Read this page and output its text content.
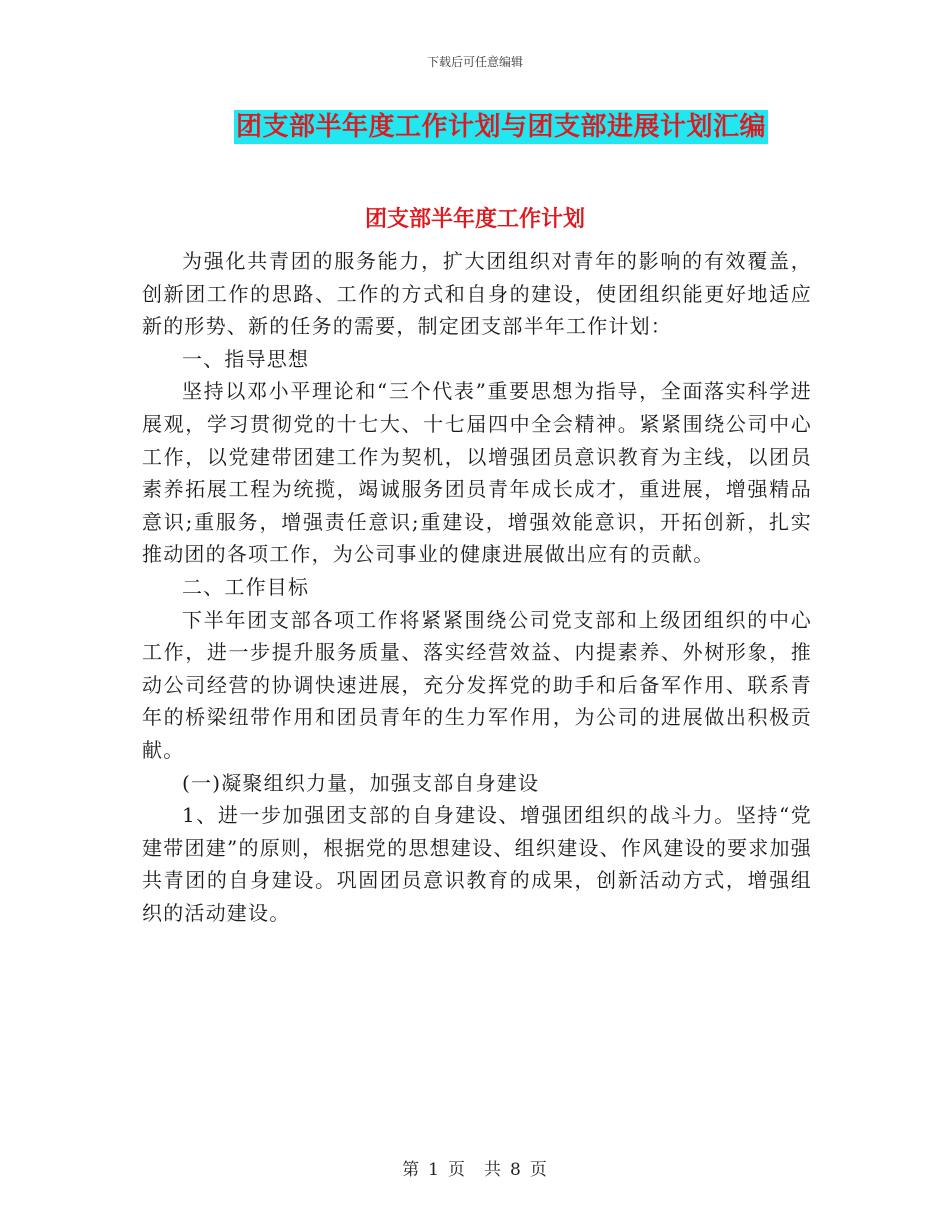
下载后可任意编辑
团支部半年度工作计划与团支部进展计划汇编
团支部半年度工作计划

为强化共青团的服务能力，扩大团组织对青年的影响的有效覆盖，创新团工作的思路、工作的方式和自身的建设，使团组织能更好地适应新的形势、新的任务的需要，制定团支部半年工作计划：

一、指导思想

坚持以邓小平理论和“三个代表”重要思想为指导，全面落实科学进展观，学习贯彻党的十七大、十七届四中全会精神。紧紧围绕公司中心工作，以党建带团建工作为契机，以增强团员意识教育为主线，以团员素养拓展工程为统揽，竭诚服务团员青年成长成才，重进展，增强精品意识;重服务，增强责任意识;重建设，增强效能意识，开拓创新，扎实推动团的各项工作，为公司事业的健康进展做出应有的贡献。

二、工作目标

下半年团支部各项工作将紧紧围绕公司党支部和上级团组织的中心工作，进一步提升服务质量、落实经营效益、内提素养、外树形象，推动公司经营的协调快速进展，充分发挥党的助手和后备军作用、联系青年的桥梁纽带作用和团员青年的生力军作用，为公司的进展做出积极贡献。

(一)凝聚组织力量，加强支部自身建设

1、进一步加强团支部的自身建设、增强团组织的战斗力。坚持“党建带团建”的原则，根据党的思想建设、组织建设、作风建设的要求加强共青团的自身建设。巩固团员意识教育的成果，创新活动方式，增强组织的活动建设。

第 1 页　共 8 页
